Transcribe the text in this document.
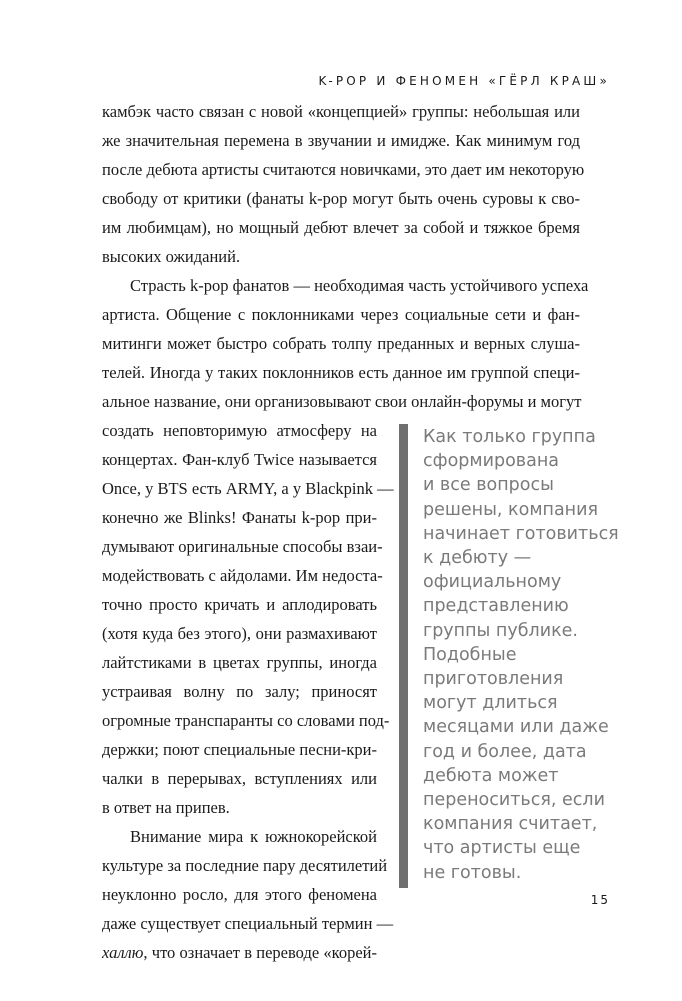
K-POP И ФЕНОМЕН «ГЁРЛ КРАШ»
камбэк часто связан с новой «концепцией» группы: небольшая или
же значительная перемена в звучании и имидже. Как минимум год
после дебюта артисты считаются новичками, это дает им некоторую
свободу от критики (фанаты k-pop могут быть очень суровы к сво-
им любимцам), но мощный дебют влечет за собой и тяжкое бремя
высоких ожиданий.
Страсть k-pop фанатов — необходимая часть устойчивого успеха
артиста. Общение с поклонниками через социальные сети и фан-
митинги может быстро собрать толпу преданных и верных слуша-
телей. Иногда у таких поклонников есть данное им группой специ-
альное название, они организовывают свои онлайн-форумы и могут
создать неповторимую атмосферу на
концертах. Фан-клуб Twice называется
Once, у BTS есть ARMY, а у Blackpink —
конечно же Blinks! Фанаты k-pop при-
думывают оригинальные способы взаи-
модействовать с айдолами. Им недоста-
точно просто кричать и аплодировать
(хотя куда без этого), они размахивают
лайтстиками в цветах группы, иногда
устраивая волну по залу; приносят
огромные транспаранты со словами под-
держки; поют специальные песни-кри-
чалки в перерывах, вступлениях или
в ответ на припев.
Внимание мира к южнокорейской
культуре за последние пару десятилетий
неуклонно росло, для этого феномена
даже существует специальный термин —
халлю, что означает в переводе «корей-
Как только группа
сформирована
и все вопросы
решены, компания
начинает готовиться
к дебюту —
официальному
представлению
группы публике.
Подобные
приготовления
могут длиться
месяцами или даже
год и более, дата
дебюта может
переноситься, если
компания считает,
что артисты еще
не готовы.
15
